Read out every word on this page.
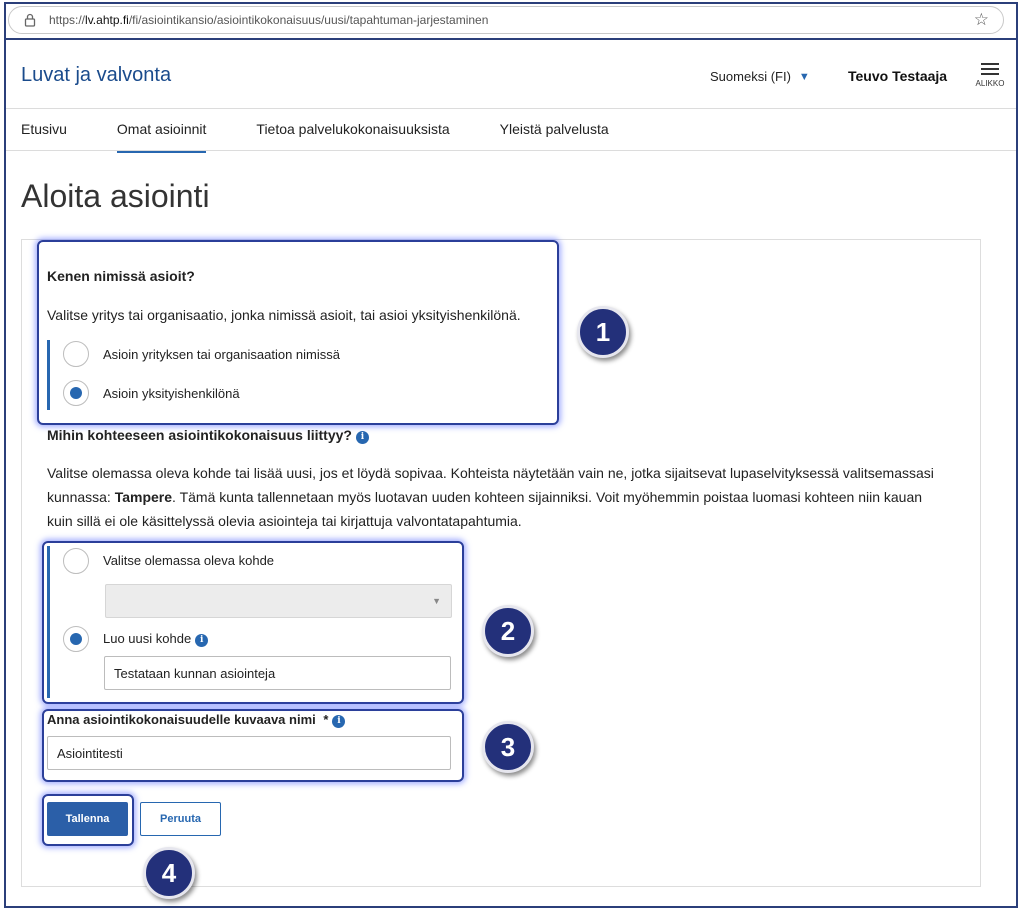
https://lv.ahtp.fi/fi/asiointikansio/asiointikokonaisuus/uusi/tapahtuman-jarjestaminen	☆
Luvat ja valvonta	Suomeksi (FI) ▼	Teuvo Testaaja	ALIKKO
Etusivu	Omat asioinnit	Tietoa palvelukokonaisuuksista	Yleistä palvelusta
Aloita asiointi
Kenen nimissä asioit?
Valitse yritys tai organisaatio, jonka nimissä asioit, tai asioi yksityishenkilönä.
Asioin yrityksen tai organisaation nimissä
Asioin yksityishenkilönä
1
Mihin kohteeseen asiointikokonaisuus liittyy? i
Valitse olemassa oleva kohde tai lisää uusi, jos et löydä sopivaa. Kohteista näytetään vain ne, jotka sijaitsevat lupaselvityksessä valitsemassasi
kunnassa: Tampere. Tämä kunta tallennetaan myös luotavan uuden kohteen sijainniksi. Voit myöhemmin poistaa luomasi kohteen niin kauan
kuin sillä ei ole käsittelyssä olevia asiointeja tai kirjattuja valvontatapahtumia.
Valitse olemassa oleva kohde
▼
Luo uusi kohde i
Testataan kunnan asiointeja	2
Anna asiointikokonaisuudelle kuvaava nimi * i
Asiointitesti
3
Tallenna	Peruuta
4
